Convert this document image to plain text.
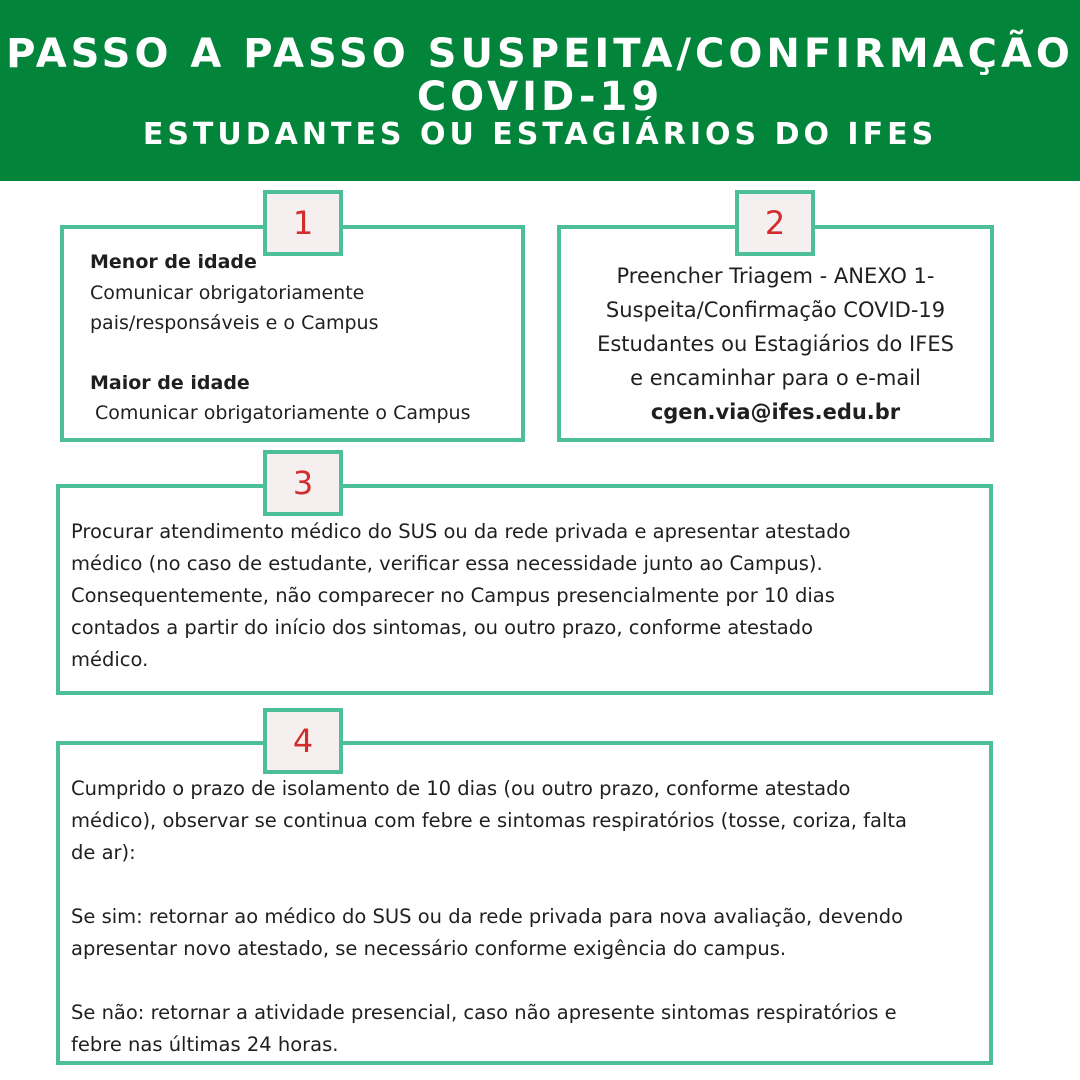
PASSO A PASSO SUSPEITA/CONFIRMAÇÃO
COVID-19
ESTUDANTES OU ESTAGIÁRIOS DO IFES
Menor de idade
Comunicar obrigatoriamente
pais/responsáveis e o Campus
Maior de idade
Comunicar obrigatoriamente o Campus
1
Preencher Triagem - ANEXO 1-
Suspeita/Confirmação COVID-19
Estudantes ou Estagiários do IFES
e encaminhar para o e-mail
cgen.via@ifes.edu.br
2
Procurar atendimento médico do SUS ou da rede privada e apresentar atestado
médico (no caso de estudante, verificar essa necessidade junto ao Campus).
Consequentemente, não comparecer no Campus presencialmente por 10 dias
contados a partir do início dos sintomas, ou outro prazo, conforme atestado
médico.
3
Cumprido o prazo de isolamento de 10 dias (ou outro prazo, conforme atestado
médico), observar se continua com febre e sintomas respiratórios (tosse, coriza, falta
de ar):
Se sim: retornar ao médico do SUS ou da rede privada para nova avaliação, devendo
apresentar novo atestado, se necessário conforme exigência do campus.
Se não: retornar a atividade presencial, caso não apresente sintomas respiratórios e
febre nas últimas 24 horas.
4
